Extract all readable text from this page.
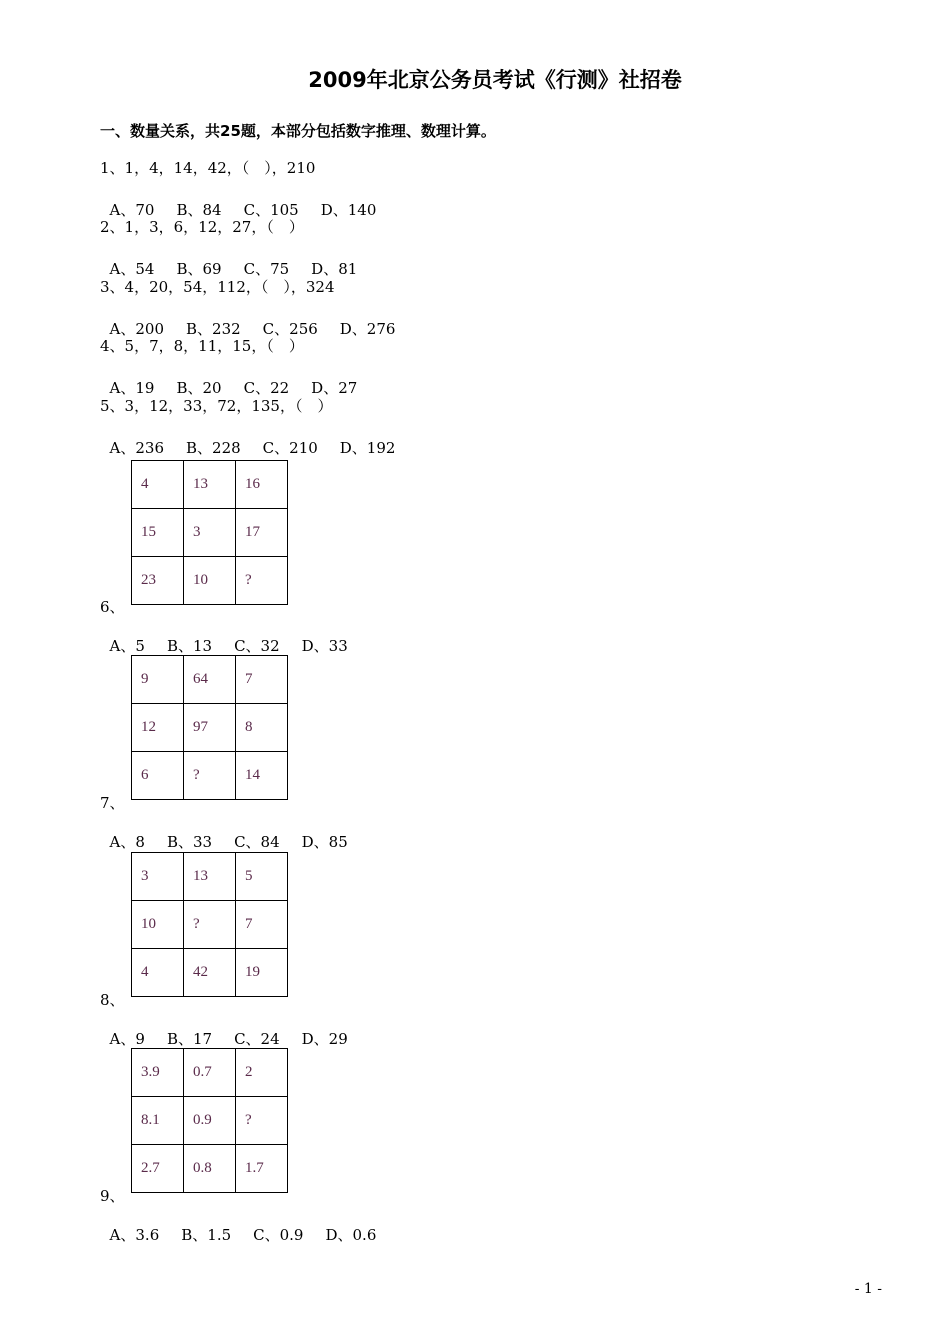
2009年北京公务员考试《行测》社招卷
一、数量关系，共25题，本部分包括数字推理、数理计算。
1、1，4，14，42，（　），210

A、70 B、84 C、105 D、140

2、1，3，6，12，27，（　）

A、54 B、69 C、75 D、81

3、4，20，54，112，（　），324

A、200 B、232 C、256 D、276

4、5，7，8，11，15，（　）

A、19 B、20 C、22 D、27

5、3，12，33，72，135，（　）

A、236 B、228 C、210 D、192

4	13	16
15	3	17
23	10	?
6、

A、5 B、13 C、32 D、33

9	64	7
12	97	8
6	?	14
7、

A、8 B、33 C、84 D、85

3	13	5
10	?	7
4	42	19
8、

A、9 B、17 C、24 D、29

3.9	0.7	2
8.1	0.9	?
2.7	0.8	1.7
9、

A、3.6 B、1.5 C、0.9 D、0.6

- 1 -
